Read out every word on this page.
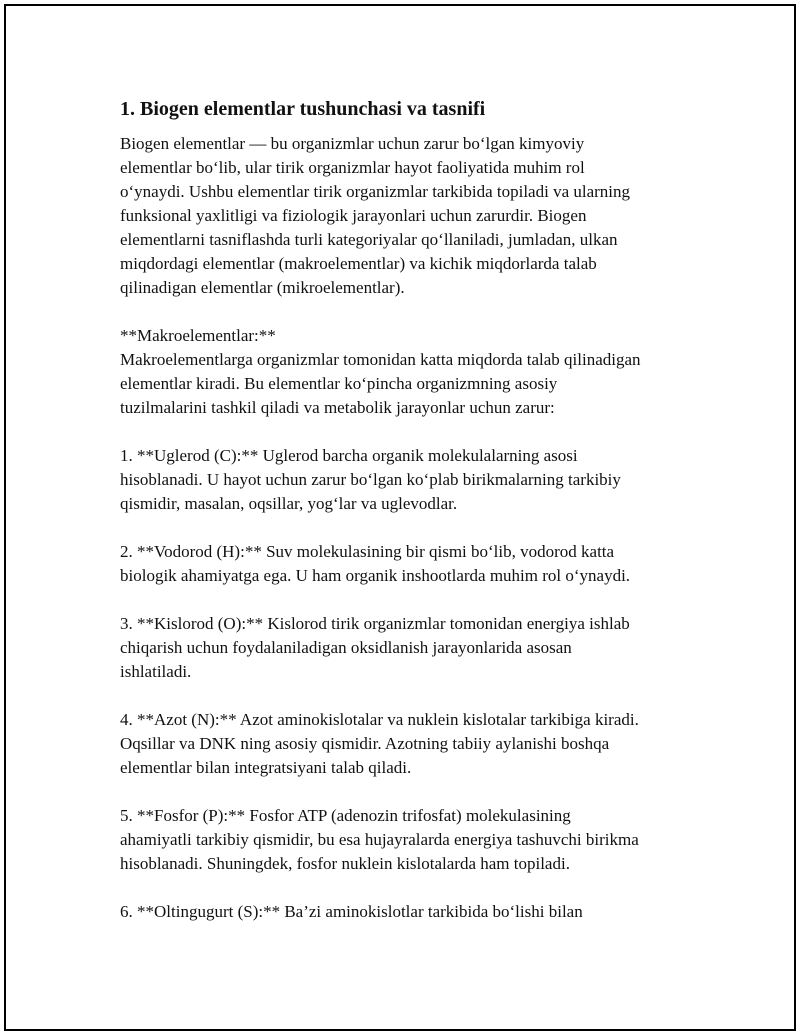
1. Biogen elementlar tushunchasi va tasnifi

Biogen elementlar — bu organizmlar uchun zarur bo‘lgan kimyoviy
elementlar bo‘lib, ular tirik organizmlar hayot faoliyatida muhim rol
o‘ynaydi. Ushbu elementlar tirik organizmlar tarkibida topiladi va ularning
funksional yaxlitligi va fiziologik jarayonlari uchun zarurdir. Biogen
elementlarni tasniflashda turli kategoriyalar qo‘llaniladi, jumladan, ulkan
miqdordagi elementlar (makroelementlar) va kichik miqdorlarda talab
qilinadigan elementlar (mikroelementlar).

**Makroelementlar:**
Makroelementlarga organizmlar tomonidan katta miqdorda talab qilinadigan
elementlar kiradi. Bu elementlar ko‘pincha organizmning asosiy
tuzilmalarini tashkil qiladi va metabolik jarayonlar uchun zarur:

1. **Uglerod (C):** Uglerod barcha organik molekulalarning asosi
hisoblanadi. U hayot uchun zarur bo‘lgan ko‘plab birikmalarning tarkibiy
qismidir, masalan, oqsillar, yog‘lar va uglevodlar.

2. **Vodorod (H):** Suv molekulasining bir qismi bo‘lib, vodorod katta
biologik ahamiyatga ega. U ham organik inshootlarda muhim rol o‘ynaydi.

3. **Kislorod (O):** Kislorod tirik organizmlar tomonidan energiya ishlab
chiqarish uchun foydalaniladigan oksidlanish jarayonlarida asosan
ishlatiladi.

4. **Azot (N):** Azot aminokislotalar va nuklein kislotalar tarkibiga kiradi.
Oqsillar va DNK ning asosiy qismidir. Azotning tabiiy aylanishi boshqa
elementlar bilan integratsiyani talab qiladi.

5. **Fosfor (P):** Fosfor ATP (adenozin trifosfat) molekulasining
ahamiyatli tarkibiy qismidir, bu esa hujayralarda energiya tashuvchi birikma
hisoblanadi. Shuningdek, fosfor nuklein kislotalarda ham topiladi.

6. **Oltingugurt (S):** Ba’zi aminokislotlar tarkibida bo‘lishi bilan
